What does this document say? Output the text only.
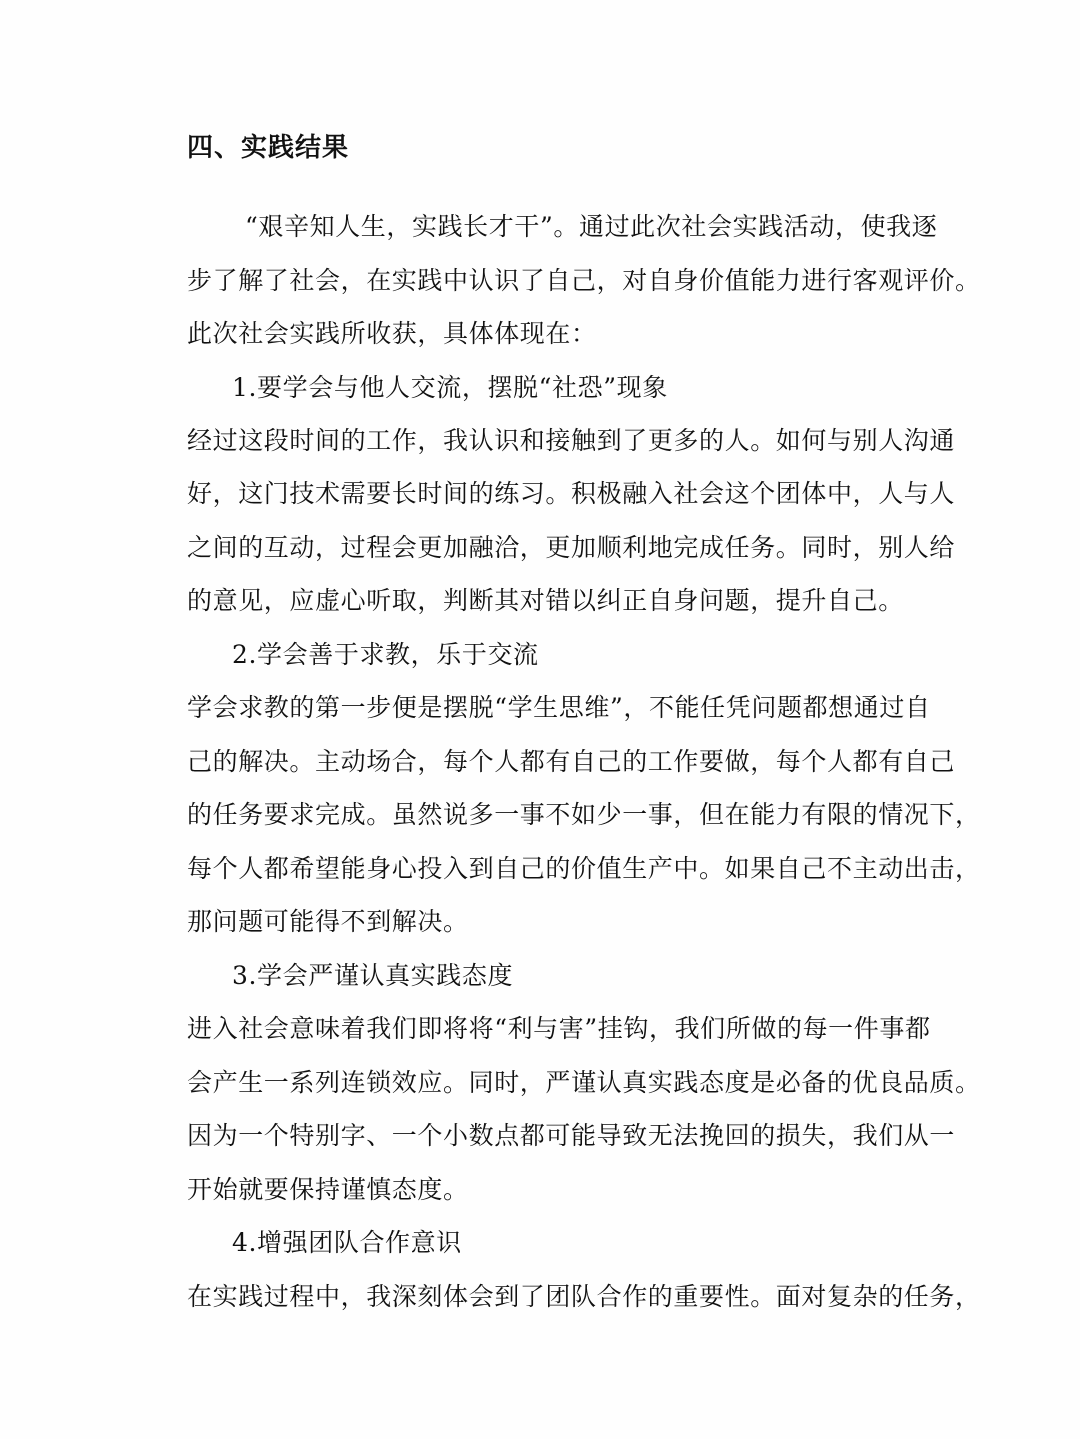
四、实践结果
“艰辛知人生，实践长才干”。通过此次社会实践活动，使我逐
步了解了社会，在实践中认识了自己，对自身价值能力进行客观评价。
此次社会实践所收获，具体体现在：
1.要学会与他人交流，摆脱“社恐”现象
经过这段时间的工作，我认识和接触到了更多的人。如何与别人沟通
好，这门技术需要长时间的练习。积极融入社会这个团体中，人与人
之间的互动，过程会更加融洽，更加顺利地完成任务。同时，别人给
的意见，应虚心听取，判断其对错以纠正自身问题，提升自己。
2.学会善于求教，乐于交流
学会求教的第一步便是摆脱“学生思维”，不能任凭问题都想通过自
己的解决。主动场合，每个人都有自己的工作要做，每个人都有自己
的任务要求完成。虽然说多一事不如少一事，但在能力有限的情况下，
每个人都希望能身心投入到自己的价值生产中。如果自己不主动出击，
那问题可能得不到解决。
3.学会严谨认真实践态度
进入社会意味着我们即将将“利与害”挂钩，我们所做的每一件事都
会产生一系列连锁效应。同时，严谨认真实践态度是必备的优良品质。
因为一个特别字、一个小数点都可能导致无法挽回的损失，我们从一
开始就要保持谨慎态度。
4.增强团队合作意识
在实践过程中，我深刻体会到了团队合作的重要性。面对复杂的任务，
